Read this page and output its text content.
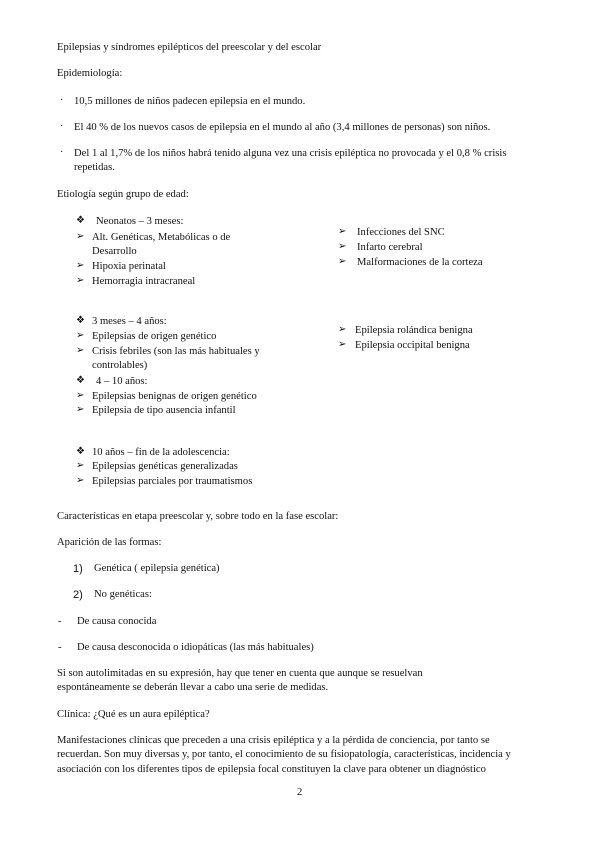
Epilepsias y síndromes epilépticos del preescolar y del escolar
Epidemiología:
· 10,5 millones de niños padecen epilepsia en el mundo.
· El 40 % de los nuevos casos de epilepsia en el mundo al año (3,4 millones de personas) son niños.
· Del 1 al 1,7% de los niños habrá tenido alguna vez una crisis epiléptica no provocada y el 0,8 % crisis
repetidas.
Etiología según grupo de edad:
❖ Neonatos – 3 meses:
➢ Alt. Genéticas, Metabólicas o de
Desarrollo
➢ Hipoxia perinatal
➢ Hemorragia intracraneal
➢ Infecciones del SNC
➢ Infarto cerebral
➢ Malformaciones de la corteza
❖ 3 meses – 4 años:
➢ Epilepsias de origen genético
➢ Crisis febriles (son las más habituales y
controlables)
➢ Epilepsia rolándica benigna
➢ Epilepsia occipital benigna
❖ 4 – 10 años:
➢ Epilepsias benignas de origen genético
➢ Epilepsia de tipo ausencia infantil
❖ 10 años – fin de la adolescencia:
➢ Epilepsias genéticas generalizadas
➢ Epilepsias parciales por traumatismos
Características en etapa preescolar y, sobre todo en la fase escolar:
Aparición de las formas:
1) Genética ( epilepsia genética)
2) No genéticas:
- De causa conocida
- De causa desconocida o idiopáticas (las más habituales)
Si son autolimitadas en su expresión, hay que tener en cuenta que aunque se resuelvan
espontáneamente se deberán llevar a cabo una serie de medidas.
Clínica: ¿Qué es un aura epiléptica?
Manifestaciones clínicas que preceden a una crisis epiléptica y a la pérdida de conciencia, por tanto se
recuerdan. Son muy diversas y, por tanto, el conocimiento de su fisiopatología, características, incidencia y
asociación con los diferentes tipos de epilepsia focal constituyen la clave para obtener un diagnóstico
2
